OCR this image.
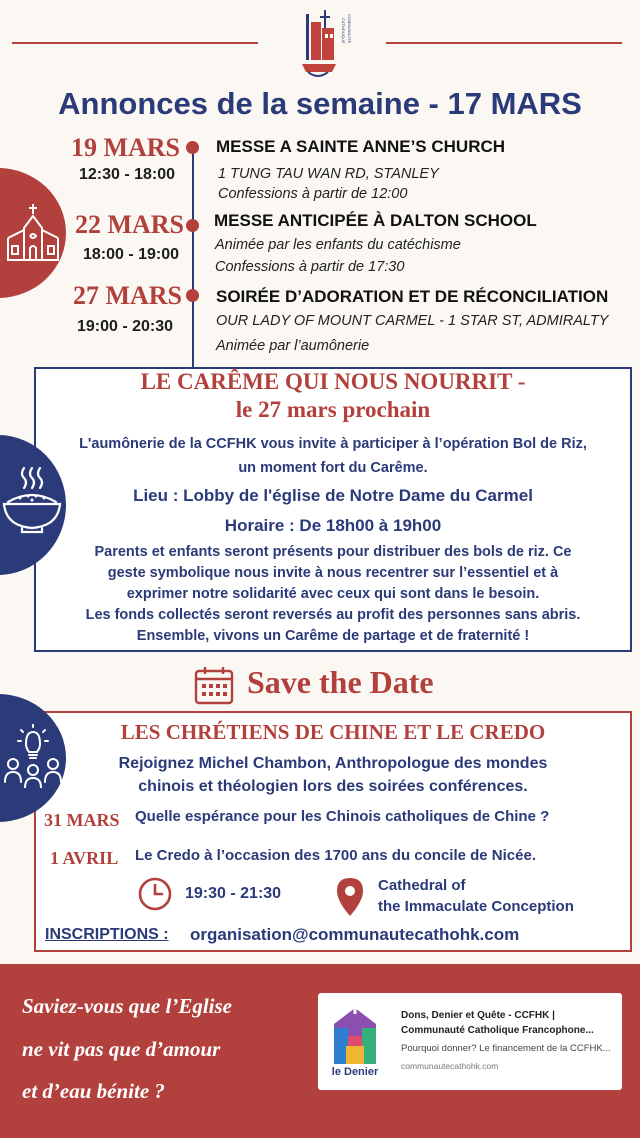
CATHOLIQUE COMMUNAUTÉ
Annonces de la semaine - 17 MARS
19 MARS
12:30 - 18:00
MESSE A SAINTE ANNE’S CHURCH
1 TUNG TAU WAN RD, STANLEY
Confessions à partir de 12:00
22 MARS
18:00 - 19:00
MESSE ANTICIPÉE À DALTON SCHOOL
Animée par les enfants du catéchisme
Confessions à partir de 17:30
27 MARS
19:00 - 20:30
SOIRÉE D’ADORATION ET DE RÉCONCILIATION
OUR LADY OF MOUNT CARMEL - 1 STAR ST, ADMIRALTY
Animée par l’aumônerie
LE CARÊME QUI NOUS NOURRIT -
le 27 mars prochain
L'aumônerie de la CCFHK vous invite à participer à l’opération Bol de Riz,
un moment fort du Carême.
Lieu : Lobby de l'église de Notre Dame du Carmel
Horaire : De 18h00 à 19h00
Parents et enfants seront présents pour distribuer des bols de riz. Ce
geste symbolique nous invite à nous recentrer sur l’essentiel et à
exprimer notre solidarité avec ceux qui sont dans le besoin.
Les fonds collectés seront reversés au profit des personnes sans abris.
Ensemble, vivons un Carême de partage et de fraternité !
Save the Date
LES CHRÉTIENS DE CHINE ET LE CREDO
Rejoignez Michel Chambon, Anthropologue des mondes
chinois et théologien lors des soirées conférences.
31 MARS Quelle espérance pour les Chinois catholiques de Chine ?
1 AVRIL Le Credo à l’occasion des 1700 ans du concile de Nicée.
19:30 - 21:30	Cathedral of
the Immaculate Conception
INSCRIPTIONS : organisation@communautecathohk.com
Saviez-vous que l’Eglise
ne vit pas que d’amour
et d’eau bénite ?
le Denier
Dons, Denier et Quête - CCFHK |
Communauté Catholique Francophone...
Pourquoi donner? Le financement de la CCFHK...
communautecathohk.com
